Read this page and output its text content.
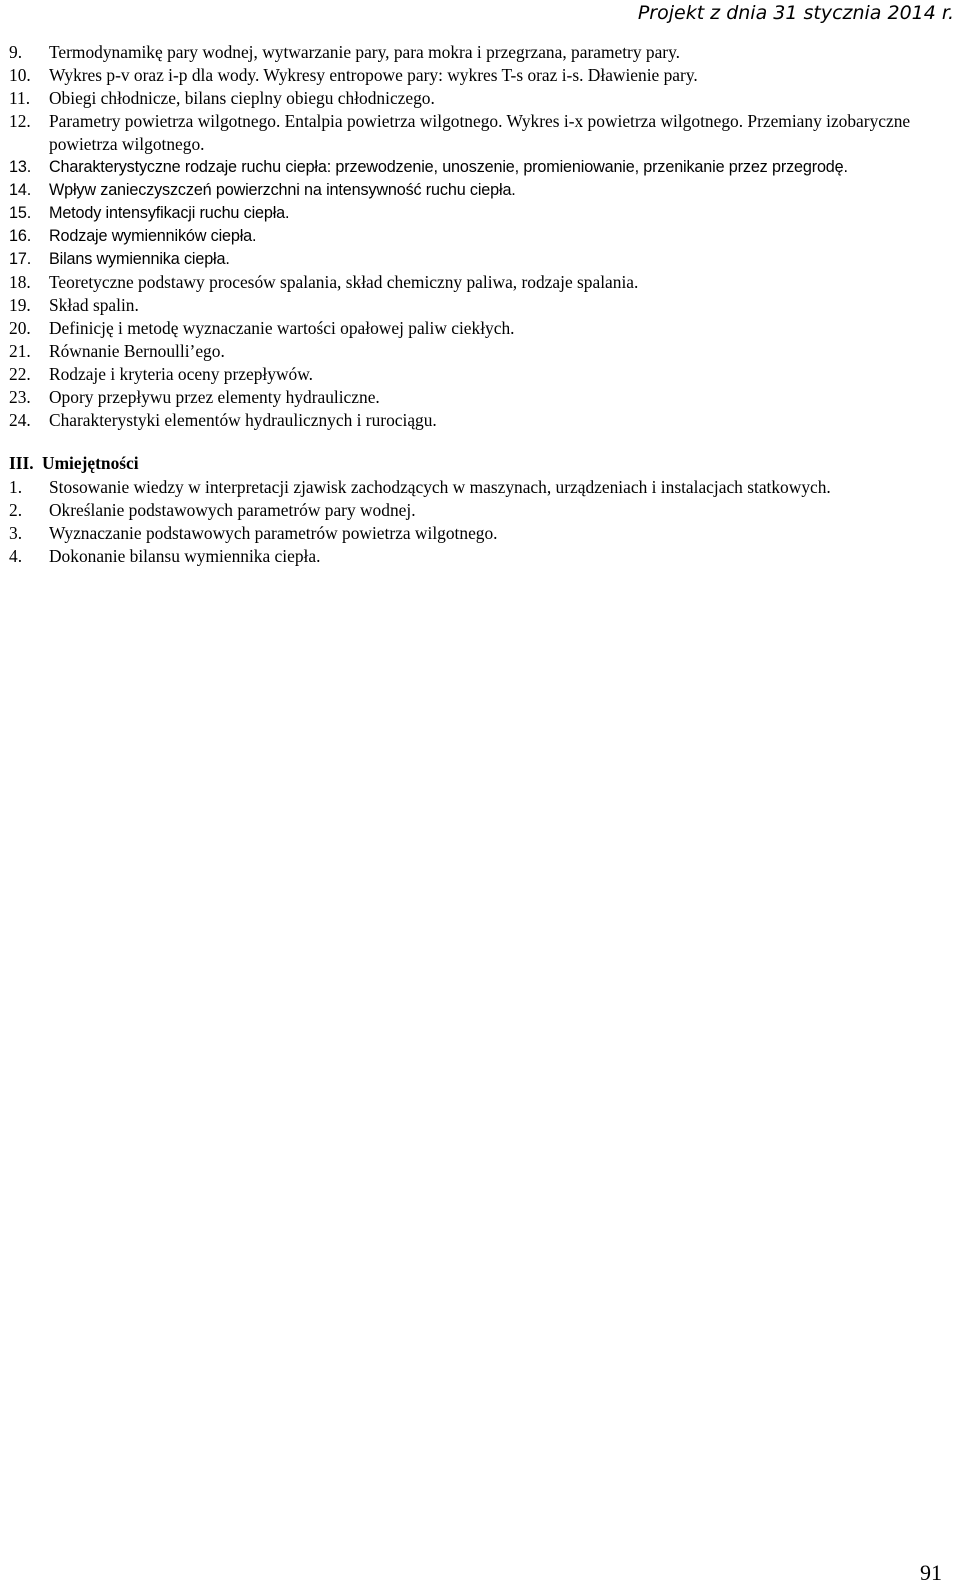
Projekt z dnia 31 stycznia 2014 r.
9.	Termodynamikę pary wodnej, wytwarzanie pary, para mokra i przegrzana, parametry pary.
10.	Wykres p-v oraz i-p dla wody. Wykresy entropowe pary: wykres T-s oraz i-s. Dławienie pary.
11.	Obiegi chłodnicze, bilans cieplny obiegu chłodniczego.
12.	Parametry powietrza wilgotnego. Entalpia powietrza wilgotnego. Wykres i-x powietrza wilgotnego. Przemiany izobaryczne powietrza wilgotnego.
13.	Charakterystyczne rodzaje ruchu ciepła: przewodzenie, unoszenie, promieniowanie, przenikanie przez przegrodę.
14.	Wpływ zanieczyszczeń powierzchni na intensywność ruchu ciepła.
15.	Metody intensyfikacji ruchu ciepła.
16.	Rodzaje wymienników ciepła.
17.	Bilans wymiennika ciepła.
18.	Teoretyczne podstawy procesów spalania, skład chemiczny paliwa, rodzaje spalania.
19.	Skład spalin.
20.	Definicję i metodę wyznaczanie wartości opałowej paliw ciekłych.
21.	Równanie Bernoulli’ego.
22.	Rodzaje i kryteria oceny przepływów.
23.	Opory przepływu przez elementy hydrauliczne.
24.	Charakterystyki elementów hydraulicznych i rurociągu.
III. Umiejętności
1.	Stosowanie wiedzy w interpretacji zjawisk zachodzących w maszynach, urządzeniach i instalacjach statkowych.
2.	Określanie podstawowych parametrów pary wodnej.
3.	Wyznaczanie podstawowych parametrów powietrza wilgotnego.
4.	Dokonanie bilansu wymiennika ciepła.
91
